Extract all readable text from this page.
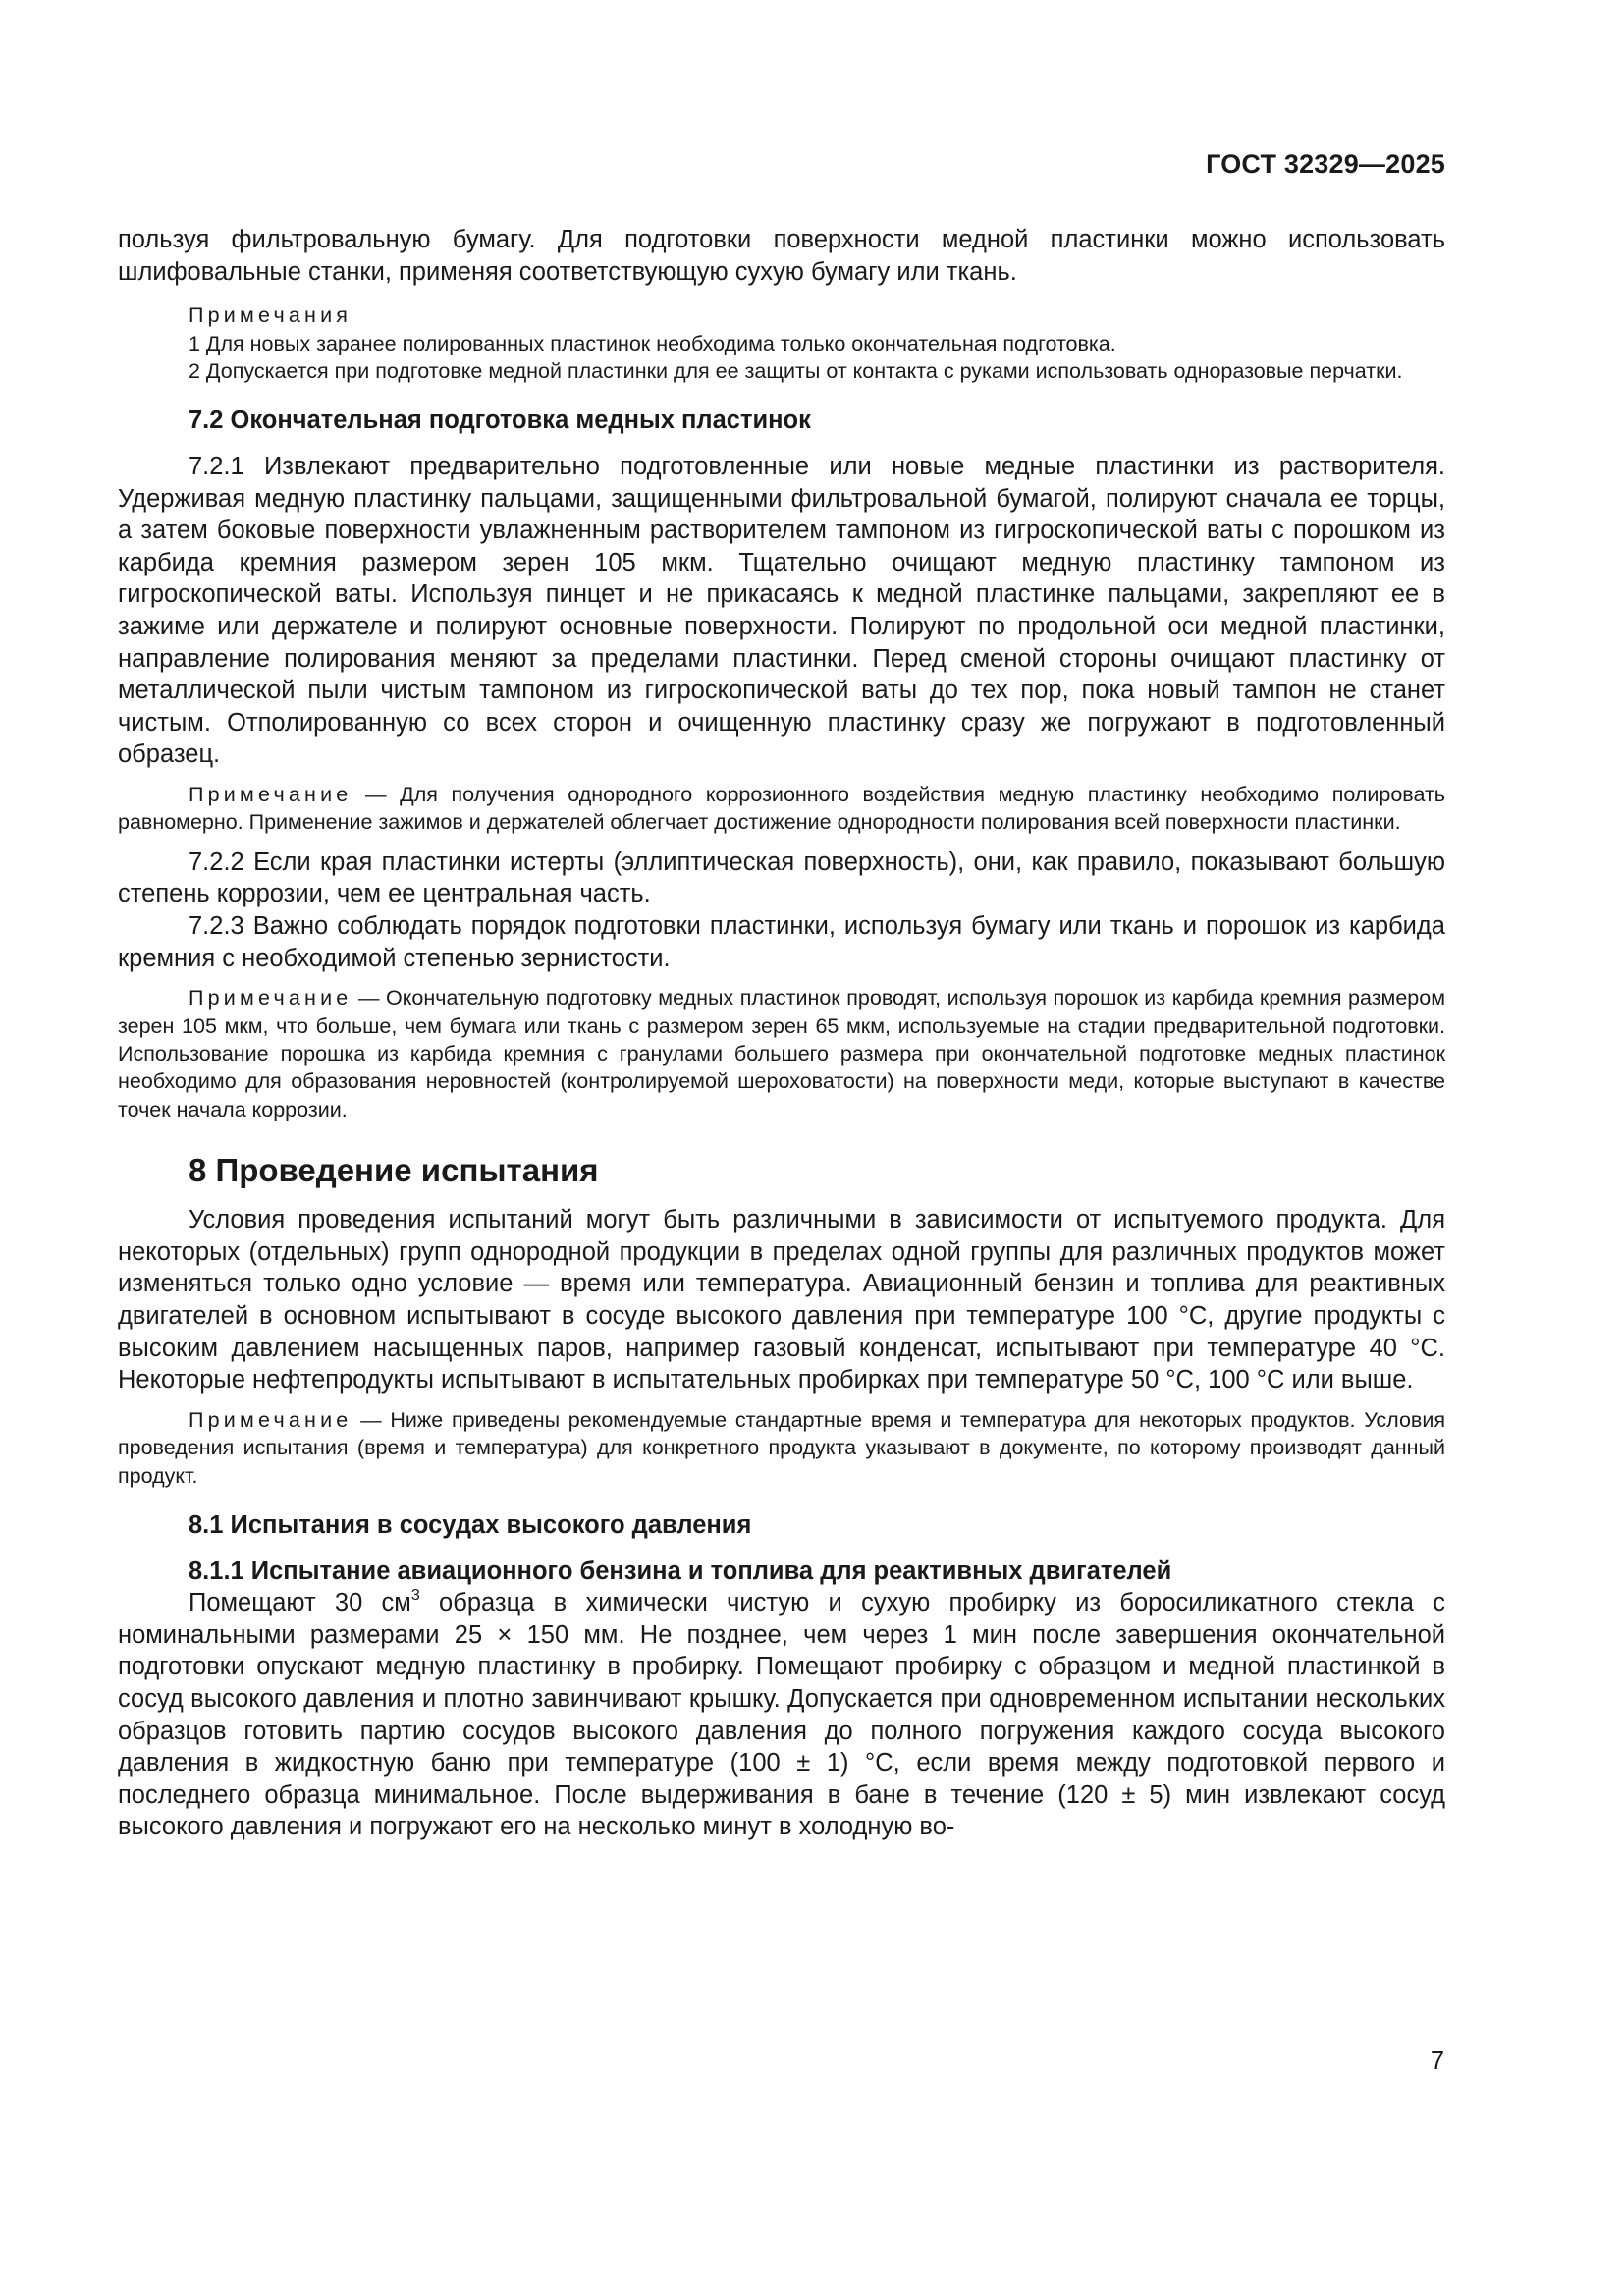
ГОСТ 32329—2025

пользуя фильтровальную бумагу. Для подготовки поверхности медной пластинки можно использовать шлифовальные станки, применяя соответствующую сухую бумагу или ткань.

Примечания

1 Для новых заранее полированных пластинок необходима только окончательная подготовка.

2 Допускается при подготовке медной пластинки для ее защиты от контакта с руками использовать одноразовые перчатки.

7.2 Окончательная подготовка медных пластинок

7.2.1 Извлекают предварительно подготовленные или новые медные пластинки из растворителя. Удерживая медную пластинку пальцами, защищенными фильтровальной бумагой, полируют сначала ее торцы, а затем боковые поверхности увлажненным растворителем тампоном из гигроскопической ваты с порошком из карбида кремния размером зерен 105 мкм. Тщательно очищают медную пластинку тампоном из гигроскопической ваты. Используя пинцет и не прикасаясь к медной пластинке пальцами, закрепляют ее в зажиме или держателе и полируют основные поверхности. Полируют по продольной оси медной пластинки, направление полирования меняют за пределами пластинки. Перед сменой стороны очищают пластинку от металлической пыли чистым тампоном из гигроскопической ваты до тех пор, пока новый тампон не станет чистым. Отполированную со всех сторон и очищенную пластинку сразу же погружают в подготовленный образец.

Примечание — Для получения однородного коррозионного воздействия медную пластинку необходимо полировать равномерно. Применение зажимов и держателей облегчает достижение однородности полирования всей поверхности пластинки.

7.2.2 Если края пластинки истерты (эллиптическая поверхность), они, как правило, показывают большую степень коррозии, чем ее центральная часть.

7.2.3 Важно соблюдать порядок подготовки пластинки, используя бумагу или ткань и порошок из карбида кремния с необходимой степенью зернистости.

Примечание — Окончательную подготовку медных пластинок проводят, используя порошок из карбида кремния размером зерен 105 мкм, что больше, чем бумага или ткань с размером зерен 65 мкм, используемые на стадии предварительной подготовки. Использование порошка из карбида кремния с гранулами большего размера при окончательной подготовке медных пластинок необходимо для образования неровностей (контролируемой шероховатости) на поверхности меди, которые выступают в качестве точек начала коррозии.

8 Проведение испытания

Условия проведения испытаний могут быть различными в зависимости от испытуемого продукта. Для некоторых (отдельных) групп однородной продукции в пределах одной группы для различных продуктов может изменяться только одно условие — время или температура. Авиационный бензин и топлива для реактивных двигателей в основном испытывают в сосуде высокого давления при температуре 100 °С, другие продукты с высоким давлением насыщенных паров, например газовый конденсат, испытывают при температуре 40 °С. Некоторые нефтепродукты испытывают в испытательных пробирках при температуре 50 °С, 100 °С или выше.

Примечание — Ниже приведены рекомендуемые стандартные время и температура для некоторых продуктов. Условия проведения испытания (время и температура) для конкретного продукта указывают в документе, по которому производят данный продукт.

8.1 Испытания в сосудах высокого давления

8.1.1 Испытание авиационного бензина и топлива для реактивных двигателей

Помещают 30 $см^3$ образца в химически чистую и сухую пробирку из боросиликатного стекла с номинальными размерами 25 × 150 мм. Не позднее, чем через 1 мин после завершения окончательной подготовки опускают медную пластинку в пробирку. Помещают пробирку с образцом и медной пластинкой в сосуд высокого давления и плотно завинчивают крышку. Допускается при одновременном испытании нескольких образцов готовить партию сосудов высокого давления до полного погружения каждого сосуда высокого давления в жидкостную баню при температуре (100 ± 1) °С, если время между подготовкой первого и последнего образца минимальное. После выдерживания в бане в течение (120 ± 5) мин извлекают сосуд высокого давления и погружают его на несколько минут в холодную во-

7
